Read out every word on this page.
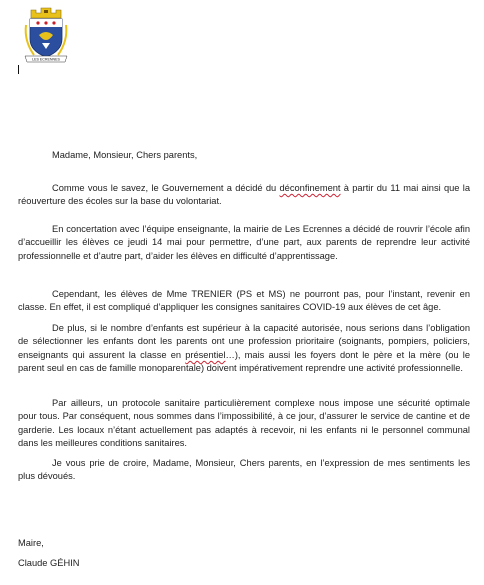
LES ECRENNES

Madame, Monsieur, Chers parents,

Comme vous le savez, le Gouvernement a décidé du déconfinement à partir du 11 mai ainsi que la réouverture des écoles sur la base du volontariat.

En concertation avec l’équipe enseignante, la mairie de Les Ecrennes a décidé de rouvrir l’école afin d’accueillir les élèves ce jeudi 14 mai pour permettre, d’une part, aux parents de reprendre leur activité professionnelle et d’autre part, d’aider les élèves en difficulté d’apprentissage.

Cependant, les élèves de Mme TRENIER (PS et MS) ne pourront pas, pour l’instant, revenir en classe. En effet, il est compliqué d’appliquer les consignes sanitaires COVID-19 aux élèves de cet âge.

De plus, si le nombre d’enfants est supérieur à la capacité autorisée, nous serions dans l’obligation de sélectionner les enfants dont les parents ont une profession prioritaire (soignants, pompiers, policiers, enseignants qui assurent la classe en présentiel…), mais aussi les foyers dont le père et la mère (ou le parent seul en cas de famille monoparentale) doivent impérativement reprendre une activité professionnelle.

Par ailleurs, un protocole sanitaire particulièrement complexe nous impose une sécurité optimale pour tous. Par conséquent, nous sommes dans l’impossibilité, à ce jour, d’assurer le service de cantine et de garderie. Les locaux n’étant actuellement pas adaptés à recevoir, ni les enfants ni le personnel communal dans les meilleures conditions sanitaires.

Je vous prie de croire, Madame, Monsieur, Chers parents, en l’expression de mes sentiments les plus dévoués.

Maire,

Claude GÉHIN
